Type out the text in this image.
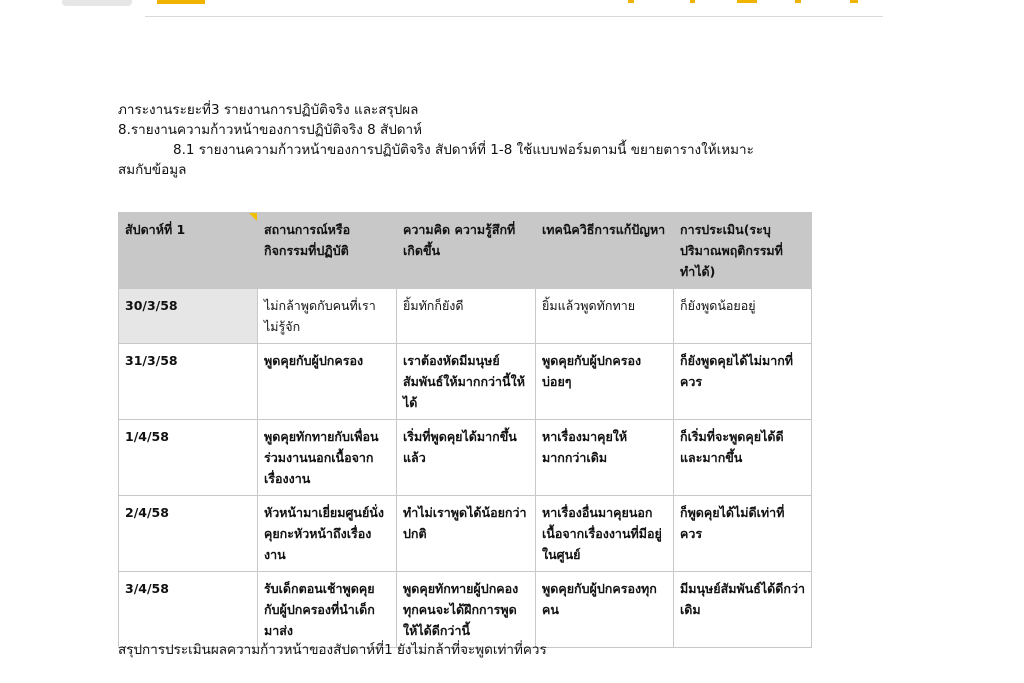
ภาระงานระยะที่3 รายงานการปฏิบัติจริง และสรุปผล

8.รายงานความก้าวหน้าของการปฏิบัติจริง 8 สัปดาห์

8.1 รายงานความก้าวหน้าของการปฏิบัติจริง สัปดาห์ที่ 1-8 ใช้แบบฟอร์มตามนี้ ขยายตารางให้เหมาะ

สมกับข้อมูล

สัปดาห์ที่ 1	สถานการณ์หรือกิจกรรมที่ปฏิบัติ	ความคิด ความรู้สึกที่เกิดขึ้น	เทคนิควิธีการแก้ปัญหา	การประเมิน(ระบุปริมาณพฤติกรรมที่ทำได้)
30/3/58	ไม่กล้าพูดกับคนที่เราไม่รู้จัก	ยิ้มทักก็ยังดี	ยิ้มแล้วพูดทักทาย	ก็ยังพูดน้อยอยู่
31/3/58	พูดคุยกับผู้ปกครอง	เราต้องหัดมีมนุษย์สัมพันธ์ให้มากกว่านี้ให้ได้	พูดคุยกับผู้ปกครองบ่อยๆ	ก็ยังพูดคุยได้ไม่มากที่ควร
1/4/58	พูดคุยทักทายกับเพื่อนร่วมงานนอกเนื้อจากเรื่องงาน	เริ่มที่พูดคุยได้มากขึ้นแล้ว	หาเรื่องมาคุยให้มากกว่าเดิม	ก็เริ่มที่จะพูดคุยได้ดีและมากขึ้น
2/4/58	หัวหน้ามาเยี่ยมศูนย์นั่งคุยกะหัวหน้าถึงเรื่องงาน	ทำไม่เราพูดได้น้อยกว่าปกติ	หาเรื่องอื่นมาคุยนอกเนื้อจากเรื่องงานที่มีอยู่ในศูนย์	ก็พูดคุยได้ไม่ดีเท่าที่ควร
3/4/58	รับเด็กตอนเช้าพูดคุยกับผู้ปกครองที่นำเด็กมาส่ง	พูดคุยทักทายผู้ปกคองทุกคนจะได้ฝึกการพูดให้ได้ดีกว่านี้	พูดคุยกับผู้ปกครองทุกคน	มีมนุษย์สัมพันธ์ได้ดีกว่าเดิม

สรุปการประเมินผลความก้าวหน้าของสัปดาห์ที่1 ยังไม่กล้าที่จะพูดเท่าที่ควร
